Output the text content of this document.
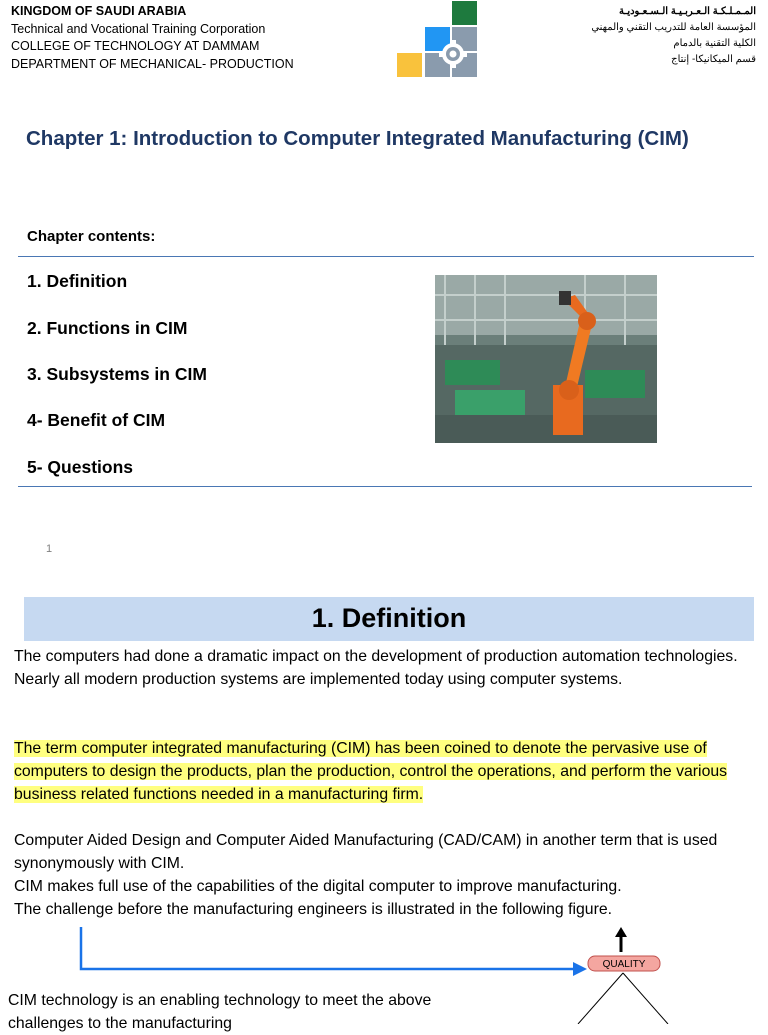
KINGDOM OF SAUDI ARABIA
Technical and Vocational Training Corporation
COLLEGE OF TECHNOLOGY AT DAMMAM
DEPARTMENT OF MECHANICAL- PRODUCTION
المـمـلـكـة الـعـربـيـة الـسـعـوديـة
المؤسسة العامة للتدريب التقني والمهني
الكلية التقنية بالدمام
قسم الميكانيكا- إنتاج
Chapter 1: Introduction to Computer Integrated Manufacturing (CIM)
Chapter contents:
1. Definition
2. Functions in CIM
3. Subsystems in CIM
4- Benefit of CIM
5- Questions
1
1. Definition
The computers had done a dramatic impact on the development of production automation technologies. Nearly all modern production systems are implemented today using computer systems.
The term computer integrated manufacturing (CIM) has been coined to denote the pervasive use of computers to design the products, plan the production, control the operations, and perform the various business related functions needed in a manufacturing firm.
Computer Aided Design and Computer Aided Manufacturing (CAD/CAM) in another term that is used synonymously with CIM.
CIM makes full use of the capabilities of the digital computer to improve manufacturing.
The challenge before the manufacturing engineers is illustrated in the following figure.
QUALITY
CIM technology is an enabling technology to meet the above challenges to the manufacturing
